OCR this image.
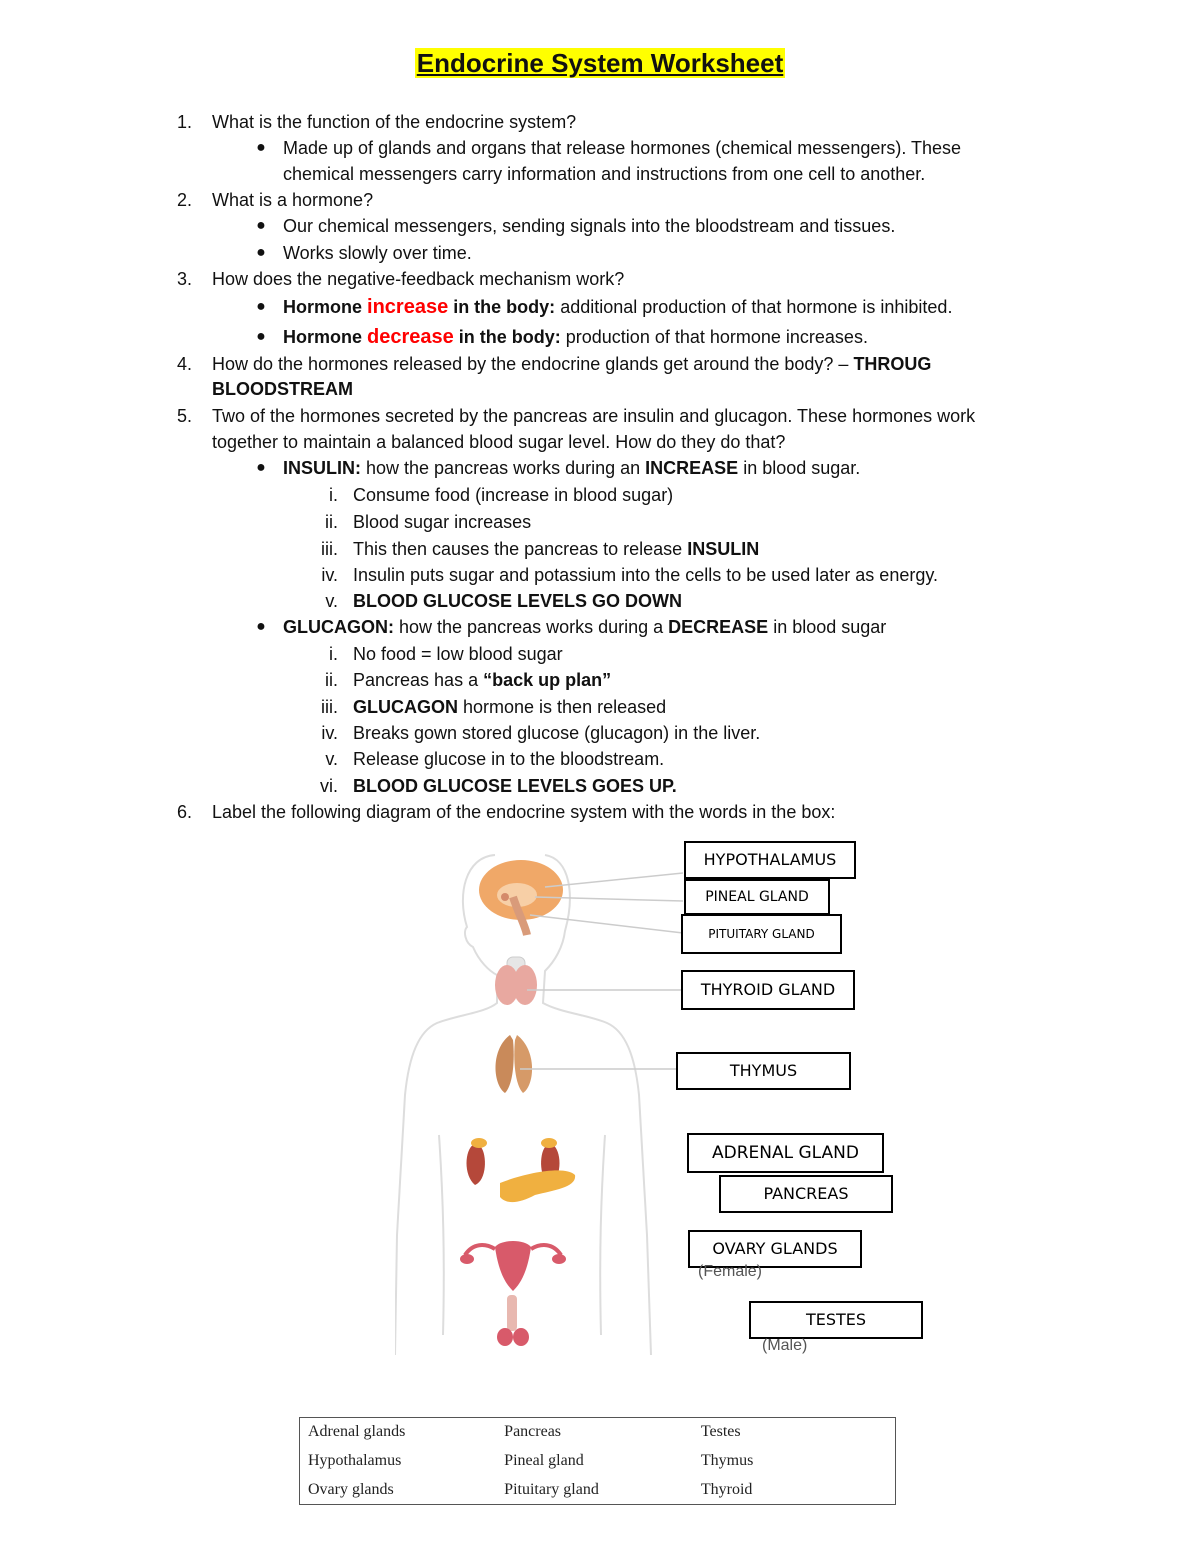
Endocrine System Worksheet
1. What is the function of the endocrine system?
● Made up of glands and organs that release hormones (chemical messengers). These
chemical messengers carry information and instructions from one cell to another.
2. What is a hormone?
● Our chemical messengers, sending signals into the bloodstream and tissues.
● Works slowly over time.
3. How does the negative-feedback mechanism work?
● Hormone increase in the body: additional production of that hormone is inhibited.
● Hormone decrease in the body: production of that hormone increases.
4. How do the hormones released by the endocrine glands get around the body? – THROUG
BLOODSTREAM
5. Two of the hormones secreted by the pancreas are insulin and glucagon. These hormones work
together to maintain a balanced blood sugar level. How do they do that?
● INSULIN: how the pancreas works during an INCREASE in blood sugar.
i. Consume food (increase in blood sugar)
ii. Blood sugar increases
iii. This then causes the pancreas to release INSULIN
iv. Insulin puts sugar and potassium into the cells to be used later as energy.
v. BLOOD GLUCOSE LEVELS GO DOWN
● GLUCAGON: how the pancreas works during a DECREASE in blood sugar
i. No food = low blood sugar
ii. Pancreas has a “back up plan”
iii. GLUCAGON hormone is then released
iv. Breaks gown stored glucose (glucagon) in the liver.
v. Release glucose in to the bloodstream.
vi. BLOOD GLUCOSE LEVELS GOES UP.
6. Label the following diagram of the endocrine system with the words in the box:
HYPOTHALAMUS
PINEAL GLAND
PITUITARY GLAND
THYROID GLAND
THYMUS
ADRENAL GLAND
PANCREAS
OVARY GLANDS
(Female)
TESTES
(Male)
Adrenal glands	Pancreas	Testes
Hypothalamus	Pineal gland	Thymus
Ovary glands	Pituitary gland	Thyroid
